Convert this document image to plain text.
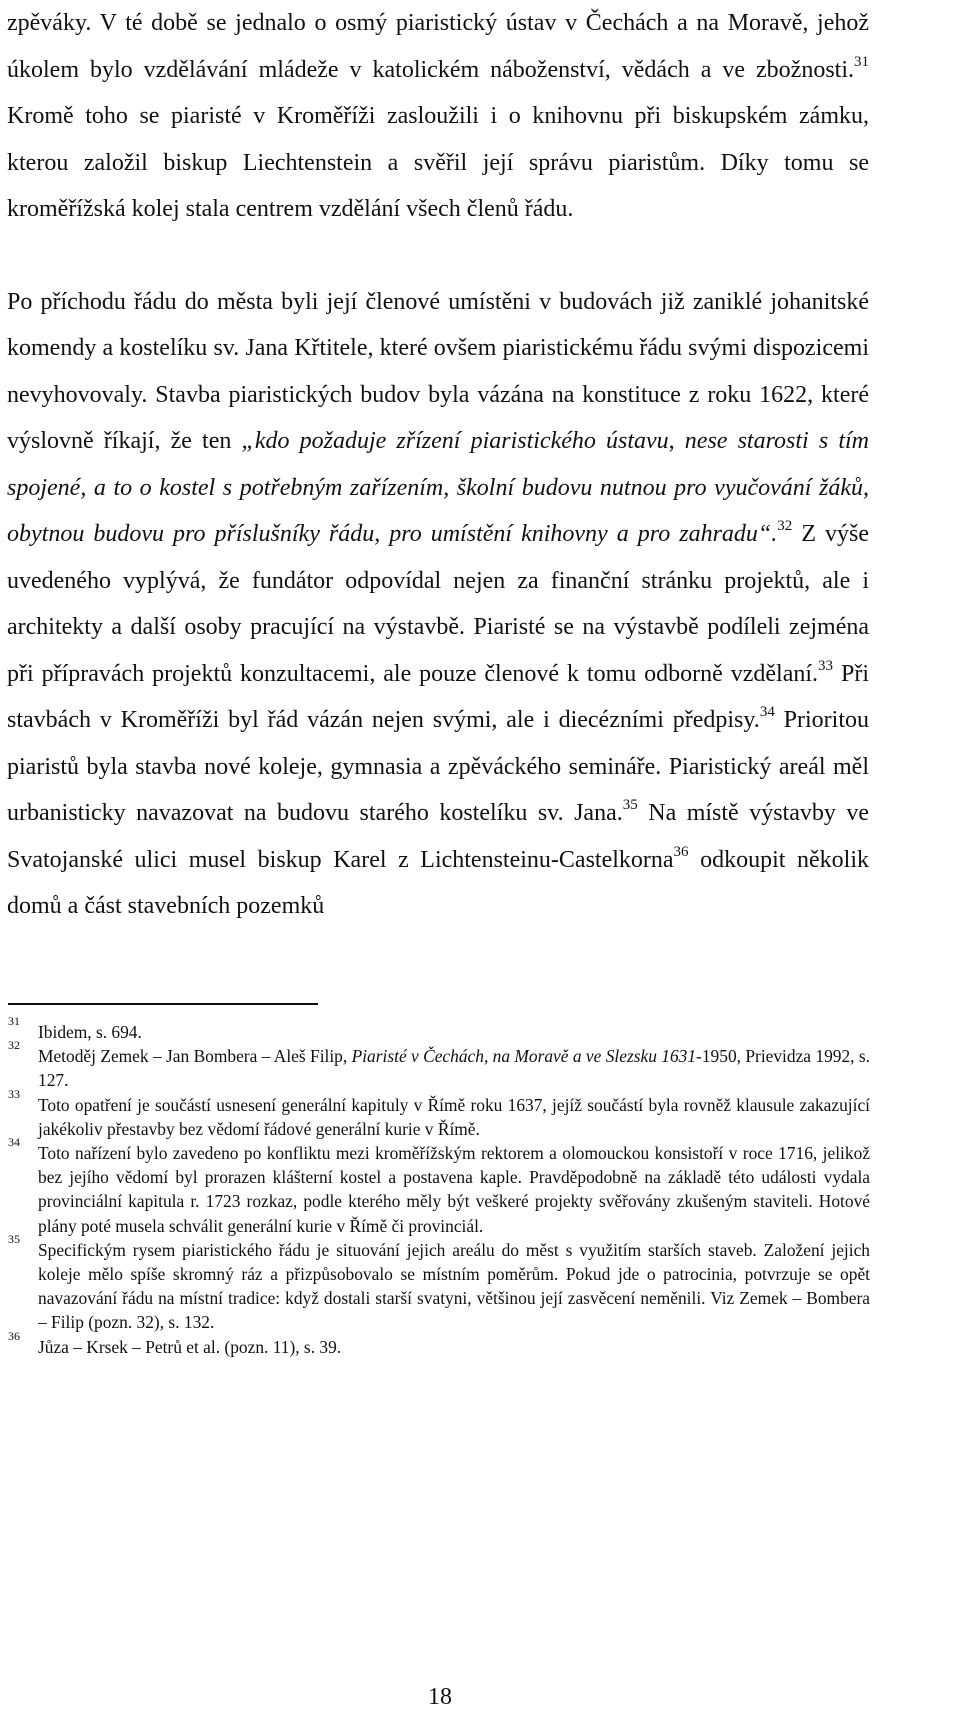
zpěváky. V té době se jednalo o osmý piaristický ústav v Čechách a na Moravě, jehož úkolem bylo vzdělávání mládeže v katolickém náboženství, vědách a ve zbožnosti.$^{31}$ Kromě toho se piaristé v Kroměříži zasloužili i o knihovnu při biskupském zámku, kterou založil biskup Liechtenstein a svěřil její správu piaristům. Díky tomu se kroměřížská kolej stala centrem vzdělání všech členů řádu.

Po příchodu řádu do města byli její členové umístěni v budovách již zaniklé johanitské komendy a kostelíku sv. Jana Křtitele, které ovšem piaristickému řádu svými dispozicemi nevyhovovaly. Stavba piaristických budov byla vázána na konstituce z roku 1622, které výslovně říkají, že ten „kdo požaduje zřízení piaristického ústavu, nese starosti s tím spojené, a to o kostel s potřebným zařízením, školní budovu nutnou pro vyučování žáků, obytnou budovu pro příslušníky řádu, pro umístění knihovny a pro zahradu“.$^{32}$ Z výše uvedeného vyplývá, že fundátor odpovídal nejen za finanční stránku projektů, ale i architekty a další osoby pracující na výstavbě. Piaristé se na výstavbě podíleli zejména při přípravách projektů konzultacemi, ale pouze členové k tomu odborně vzdělaní.$^{33}$ Při stavbách v Kroměříži byl řád vázán nejen svými, ale i diecézními předpisy.$^{34}$ Prioritou piaristů byla stavba nové koleje, gymnasia a zpěváckého semináře. Piaristický areál měl urbanisticky navazovat na budovu starého kostelíku sv. Jana.$^{35}$ Na místě výstavby ve Svatojanské ulici musel biskup Karel z Lichtensteinu-Castelkorna$^{36}$ odkoupit několik domů a část stavebních pozemků

31
Ibidem, s. 694.
32
Metoděj Zemek – Jan Bombera – Aleš Filip, Piaristé v Čechách, na Moravě a ve Slezsku 1631-1950, Prievidza 1992, s. 127.
33
Toto opatření je součástí usnesení generální kapituly v Římě roku 1637, jejíž součástí byla rovněž klausule zakazující jakékoliv přestavby bez vědomí řádové generální kurie v Římě.
34
Toto nařízení bylo zavedeno po konfliktu mezi kroměřížským rektorem a olomouckou konsistoří v roce 1716, jelikož bez jejího vědomí byl prorazen klášterní kostel a postavena kaple. Pravděpodobně na základě této události vydala provinciální kapitula r. 1723 rozkaz, podle kterého měly být veškeré projekty svěřovány zkušeným staviteli. Hotové plány poté musela schválit generální kurie v Římě či provinciál.
35
Specifickým rysem piaristického řádu je situování jejich areálu do měst s využitím starších staveb. Založení jejich koleje mělo spíše skromný ráz a přizpůsobovalo se místním poměrům. Pokud jde o patrocinia, potvrzuje se opět navazování řádu na místní tradice: když dostali starší svatyni, většinou její zasvěcení neměnili. Viz Zemek – Bombera – Filip (pozn. 32), s. 132.
36
Jůza – Krsek – Petrů et al. (pozn. 11), s. 39.
18
